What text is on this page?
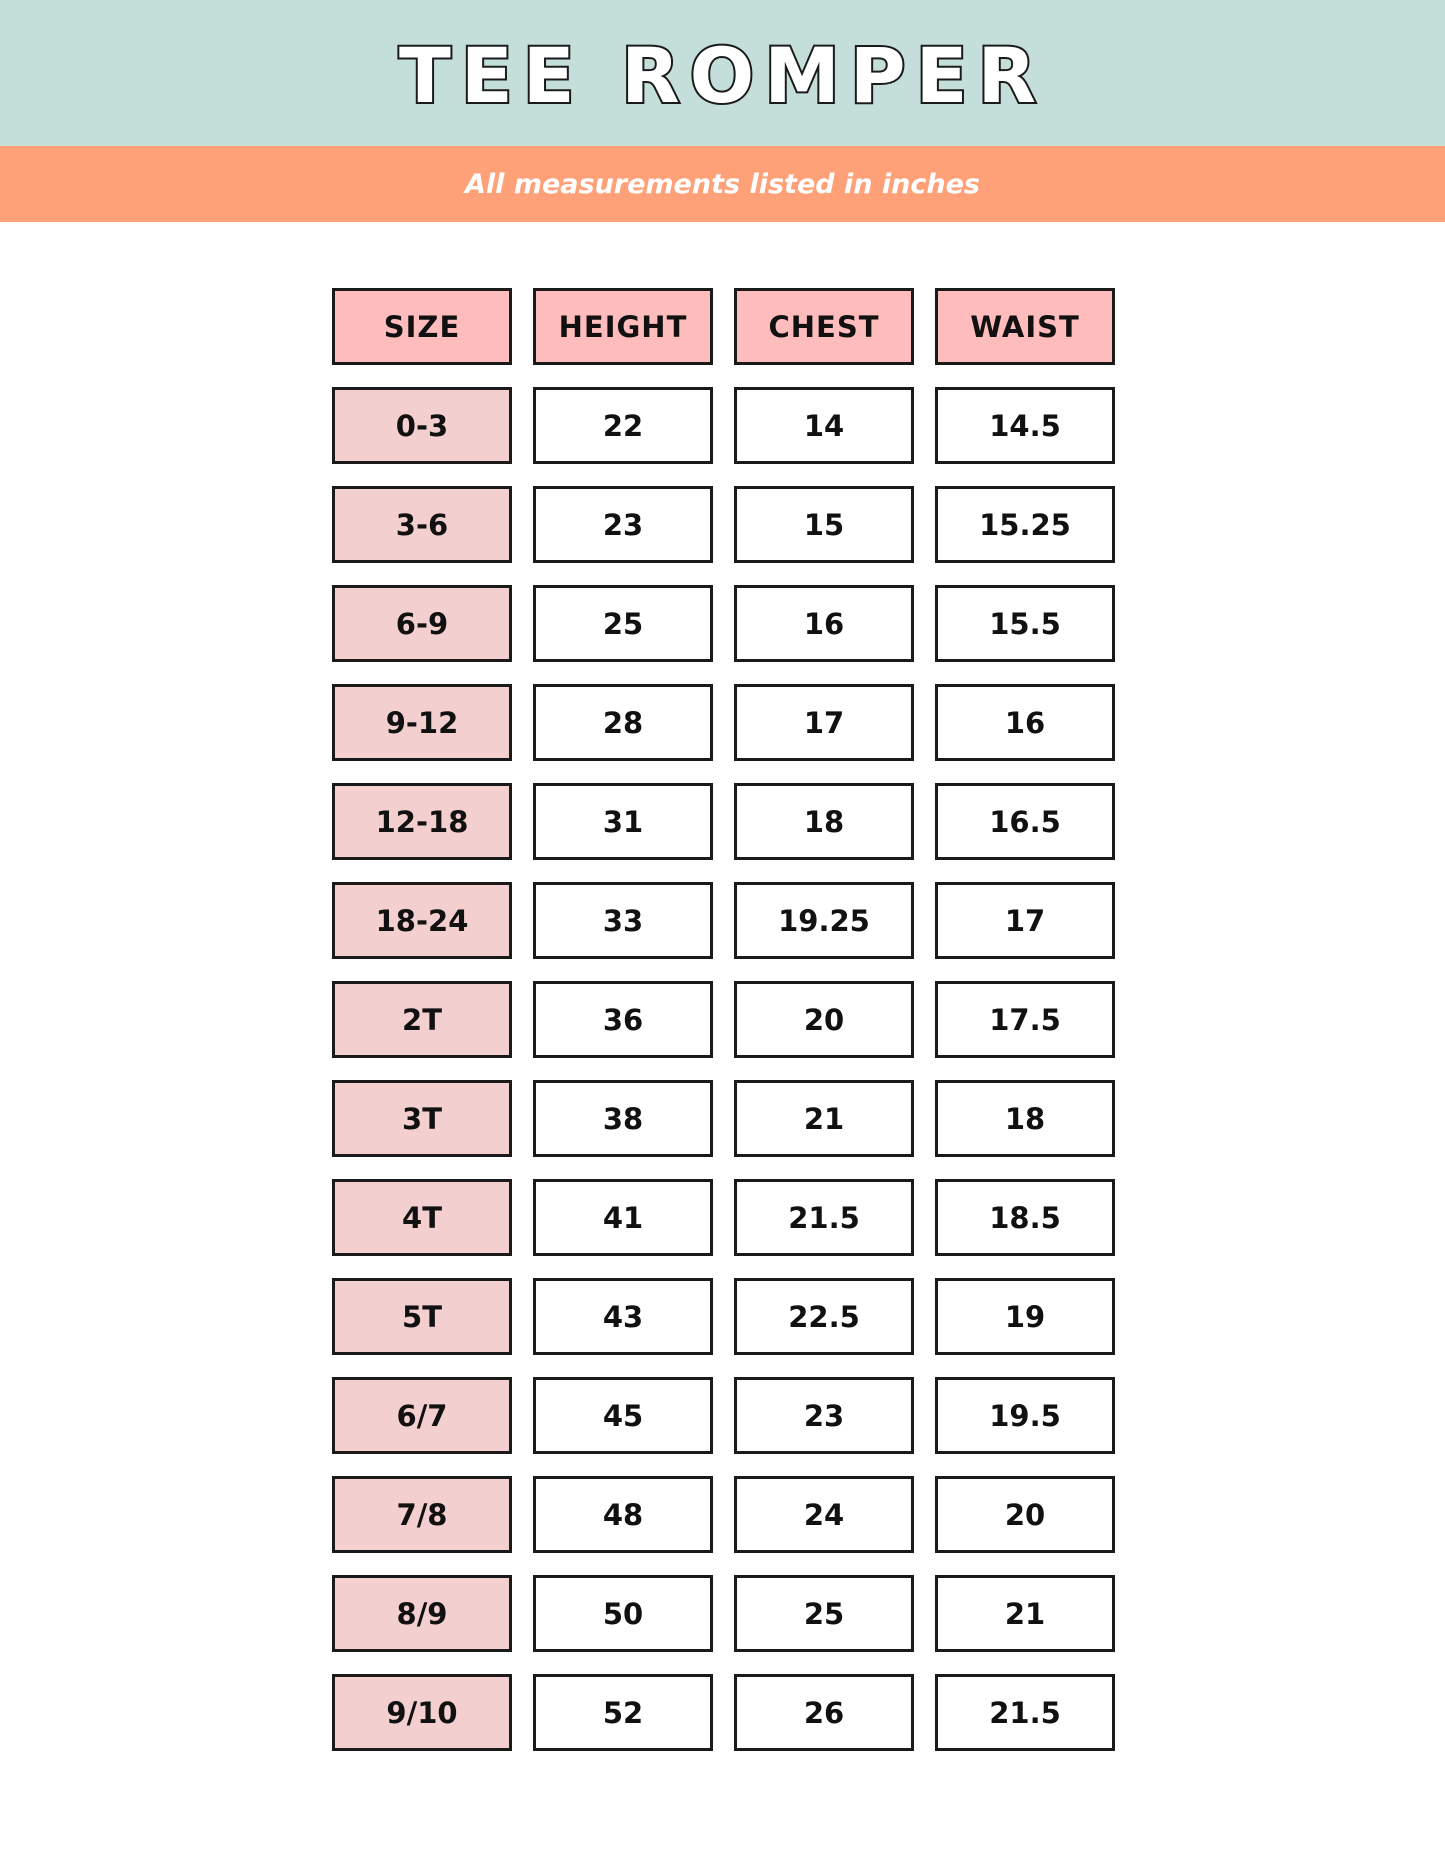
TEE ROMPER
All measurements listed in inches
SIZE	HEIGHT	CHEST	WAIST
0-3	22	14	14.5
3-6	23	15	15.25
6-9	25	16	15.5
9-12	28	17	16
12-18	31	18	16.5
18-24	33	19.25	17
2T	36	20	17.5
3T	38	21	18
4T	41	21.5	18.5
5T	43	22.5	19
6/7	45	23	19.5
7/8	48	24	20
8/9	50	25	21
9/10	52	26	21.5
